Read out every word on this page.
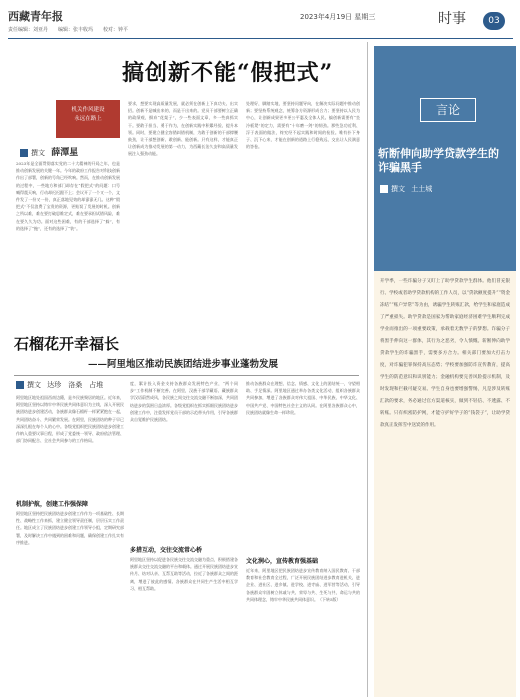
西藏青年报
责任编辑：刘亚丹　　编辑：张丰收玛　　校对：钟平
2023年4月19日 星期三	时事	03
搞创新不能“假把式”
机关作风建设
永远在路上
撰文 薛潭星
2023年是全面贯彻落实党的二十大精神的开局之年，也是推动创新发展的关键一年。今年的政府工作报告对科技创新作出了部署，创新的号角已经吹响。然而，在推动创新发展的过程中，一些地方和部门却存在“假把式”的问题：口号喊得震天响，行动却迟迟跟不上；会议开了一个又一个，文件发了一份又一份，真正落地见效的却寥寥无几。这种“假把式”不仅浪费了宝贵的资源，更贻误了发展的时机。创新之所以难，难在要打破思维定式，难在要承担试错风险，难在要久久为功。面对这些困难，有的干部选择了“躲”，有的选择了“拖”，还有的选择了“装”。
要求，想要实现高质量发展，就必须在创新上下真功夫、出实招。创新不是喊出来的，而是干出来的。党员干部要树立正确的政绩观，摒弃“花架子”，少一些表面文章，多一些真抓实干。要敢于担当、勇于作为，在创新实践中积累经验、提升本领。同时，要建立健全容错纠错机制，为敢于创新的干部撑腰鼓劲，让干部想创新、敢创新、能创新。只有这样，才能真正让创新成为推动发展的第一动力，为西藏长治久安和高质量发展注入强劲动能。
处理好，脚踏实地，要坚持问题导向，在解决实际问题中推动创新；要坚持系统观念，统筹各方资源形成合力；要坚持以人民为中心，让创新成果更多更公平惠及全体人民。搞创新需要有“坐冷板凳”的定力，需要有“十年磨一剑”的韧劲。那些急功近利、浮于表面的做法，终究经不起实践和时间的检验。唯有扑下身子、沉下心来，才能在创新的道路上行稳致远，交出让人民满意的答卷。
石榴花开幸福长
——阿里地区推动民族团结进步事业蓬勃发展
撰文 达珍　洛桑　占堆
阿里地区地处祖国西南边陲，是多民族聚居的地区。近年来，阿里地区坚持以铸牢中华民族共同体意识为主线，深入开展民族团结进步创建活动，各族群众像石榴籽一样紧紧抱在一起，共同团结奋斗、共同繁荣发展。在阿里，民族团结的种子早已深深扎根在每个人的心中。各级党组织把民族团结进步创建工作纳入重要议事日程，形成了党委统一领导、政府依法管理、部门协同配合、全社会共同参与的工作格局。
机制护航，创建工作强保障
阿里地区坚持把民族团结进步创建工作作为一项基础性、长期性、战略性工作来抓，建立健全领导责任制，层层压实工作责任。地区成立了民族团结进步创建工作领导小组，定期研究部署，及时解决工作中遇到的困难和问题，确保创建工作扎实有序推进。
度，累计投入资金支持各族群众发展特色产业，“两个同步”工作机制不断完善。在阿里，汉族干部学藏语、藏族群众学汉语蔚然成风，各民族之间交往交流交融不断加深，共同团结进步的氛围日益浓厚。各级党组织在抓实抓细民族团结进步创建工作中，注重发挥党员干部的示范带头作用，引导各族群众自觉维护民族团结。
多措互动，交往交流常心桥
阿里地区坚持以促进各民族交往交流交融为重点，积极搭建各族群众交往交流交融的平台和载体。通过开展民族团结进步宣传月、结对认亲、互帮互助等活动，拉近了各族群众之间的距离，增进了彼此的感情。各族群众在共同生产生活中相互学习、相互帮助。
推动各族群众在理想、信念、情感、文化上的团结统一，守望相助、手足情深。阿里地区通过举办各类文化活动，组织各族群众共同参加，增进了各族群众对伟大祖国、中华民族、中华文化、中国共产党、中国特色社会主义的认同。在阿里各族群众心中，民族团结就像生命一样珍贵。
文化润心，宣传教育强基础
近年来，阿里地区把民族团结进步宣传教育纳入国民教育、干部教育和社会教育全过程，广泛开展民族团结进步教育进机关、进企业、进社区、进乡镇、进学校、进寺庙、进军营等活动，引导各族群众牢固树立休戚与共、荣辱与共、生死与共、命运与共的共同体理念，铸牢中华民族共同体意识。（下转5版）
言论
斩断伸向助学贷款学生的诈骗黑手
撰文 土土城
开学季，一些诈骗分子又盯上了助学贷款学生群体。他们冒充银行、学校或者助学贷款机构的工作人员，以“贷款额度提升”“资金冻结”“账户异常”等为由，诱骗学生转账汇款，给学生和家庭造成了严重损失。助学贷款是国家为帮助家庭经济困难学生顺利完成学业而推出的一项重要政策，承载着无数学子的梦想。诈骗分子将黑手伸向这一群体，其行为之恶劣，令人愤慨。斩断伸向助学贷款学生的诈骗黑手，需要多方合力。相关部门要加大打击力度，对诈骗犯罪保持高压态势；学校要加强防诈宣传教育，提高学生的防范意识和识别能力；金融机构要完善风险提示机制，及时发现和拦截可疑交易。学生自身也要增强警惕，凡是涉及转账汇款的要求，务必通过官方渠道核实，做到不轻信、不透露、不转账。只有织密防护网，才能守护好学子的“钱袋子”，让助学贷款真正发挥雪中送炭的作用。
